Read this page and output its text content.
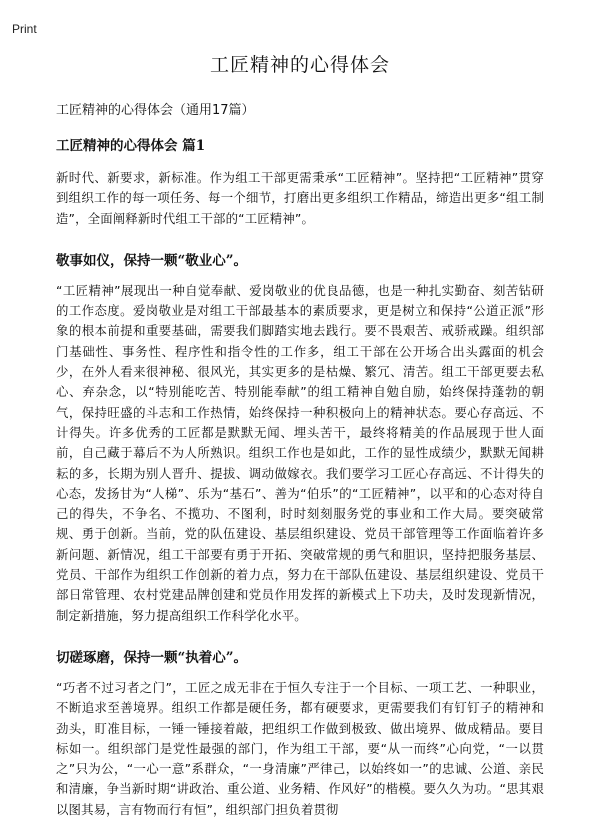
Print
工匠精神的心得体会
工匠精神的心得体会（通用17篇）
工匠精神的心得体会 篇1

新时代、新要求，新标准。作为组工干部更需秉承“工匠精神”。坚持把“工匠精神”贯穿到组织工作的每一项任务、每一个细节，打磨出更多组织工作精品，缔造出更多“组工制造”，全面阐释新时代组工干部的“工匠精神”。

敬事如仪，保持一颗“敬业心”。

“工匠精神”展现出一种自觉奉献、爱岗敬业的优良品德，也是一种扎实勤奋、刻苦钻研的工作态度。爱岗敬业是对组工干部最基本的素质要求，更是树立和保持“公道正派”形象的根本前提和重要基础，需要我们脚踏实地去践行。要不畏艰苦、戒骄戒躁。组织部门基础性、事务性、程序性和指令性的工作多，组工干部在公开场合出头露面的机会少，在外人看来很神秘、很风光，其实更多的是枯燥、繁冗、清苦。组工干部更要去私心、弃杂念，以“特别能吃苦、特别能奉献”的组工精神自勉自励，始终保持蓬勃的朝气，保持旺盛的斗志和工作热情，始终保持一种积极向上的精神状态。要心存高远、不计得失。许多优秀的工匠都是默默无闻、埋头苦干，最终将精美的作品展现于世人面前，自己藏于幕后不为人所熟识。组织工作也是如此，工作的显性成绩少，默默无闻耕耘的多，长期为别人晋升、提拔、调动做嫁衣。我们要学习工匠心存高远、不计得失的心态，发扬甘为“人梯”、乐为“基石”、善为“伯乐”的“工匠精神”，以平和的心态对待自己的得失，不争名、不揽功、不图利，时时刻刻服务党的事业和工作大局。要突破常规、勇于创新。当前，党的队伍建设、基层组织建设、党员干部管理等工作面临着许多新问题、新情况，组工干部要有勇于开拓、突破常规的勇气和胆识，坚持把服务基层、党员、干部作为组织工作创新的着力点，努力在干部队伍建设、基层组织建设、党员干部日常管理、农村党建品牌创建和党员作用发挥的新模式上下功夫，及时发现新情况，制定新措施，努力提高组织工作科学化水平。

切磋琢磨，保持一颗“执着心”。

“巧者不过习者之门”，工匠之成无非在于恒久专注于一个目标、一项工艺、一种职业，不断追求至善境界。组织工作都是硬任务，都有硬要求，更需要我们有钉钉子的精神和劲头，盯准目标，一锤一锤接着敲，把组织工作做到极致、做出境界、做成精品。要目标如一。组织部门是党性最强的部门，作为组工干部，要“从一而终”心向党，“一以贯之”只为公，“一心一意”系群众，“一身清廉”严律己，以始终如一”的忠诚、公道、亲民和清廉，争当新时期“讲政治、重公道、业务精、作风好”的楷模。要久久为功。“思其艰以图其易，言有物而行有恒”，组织部门担负着贯彻
